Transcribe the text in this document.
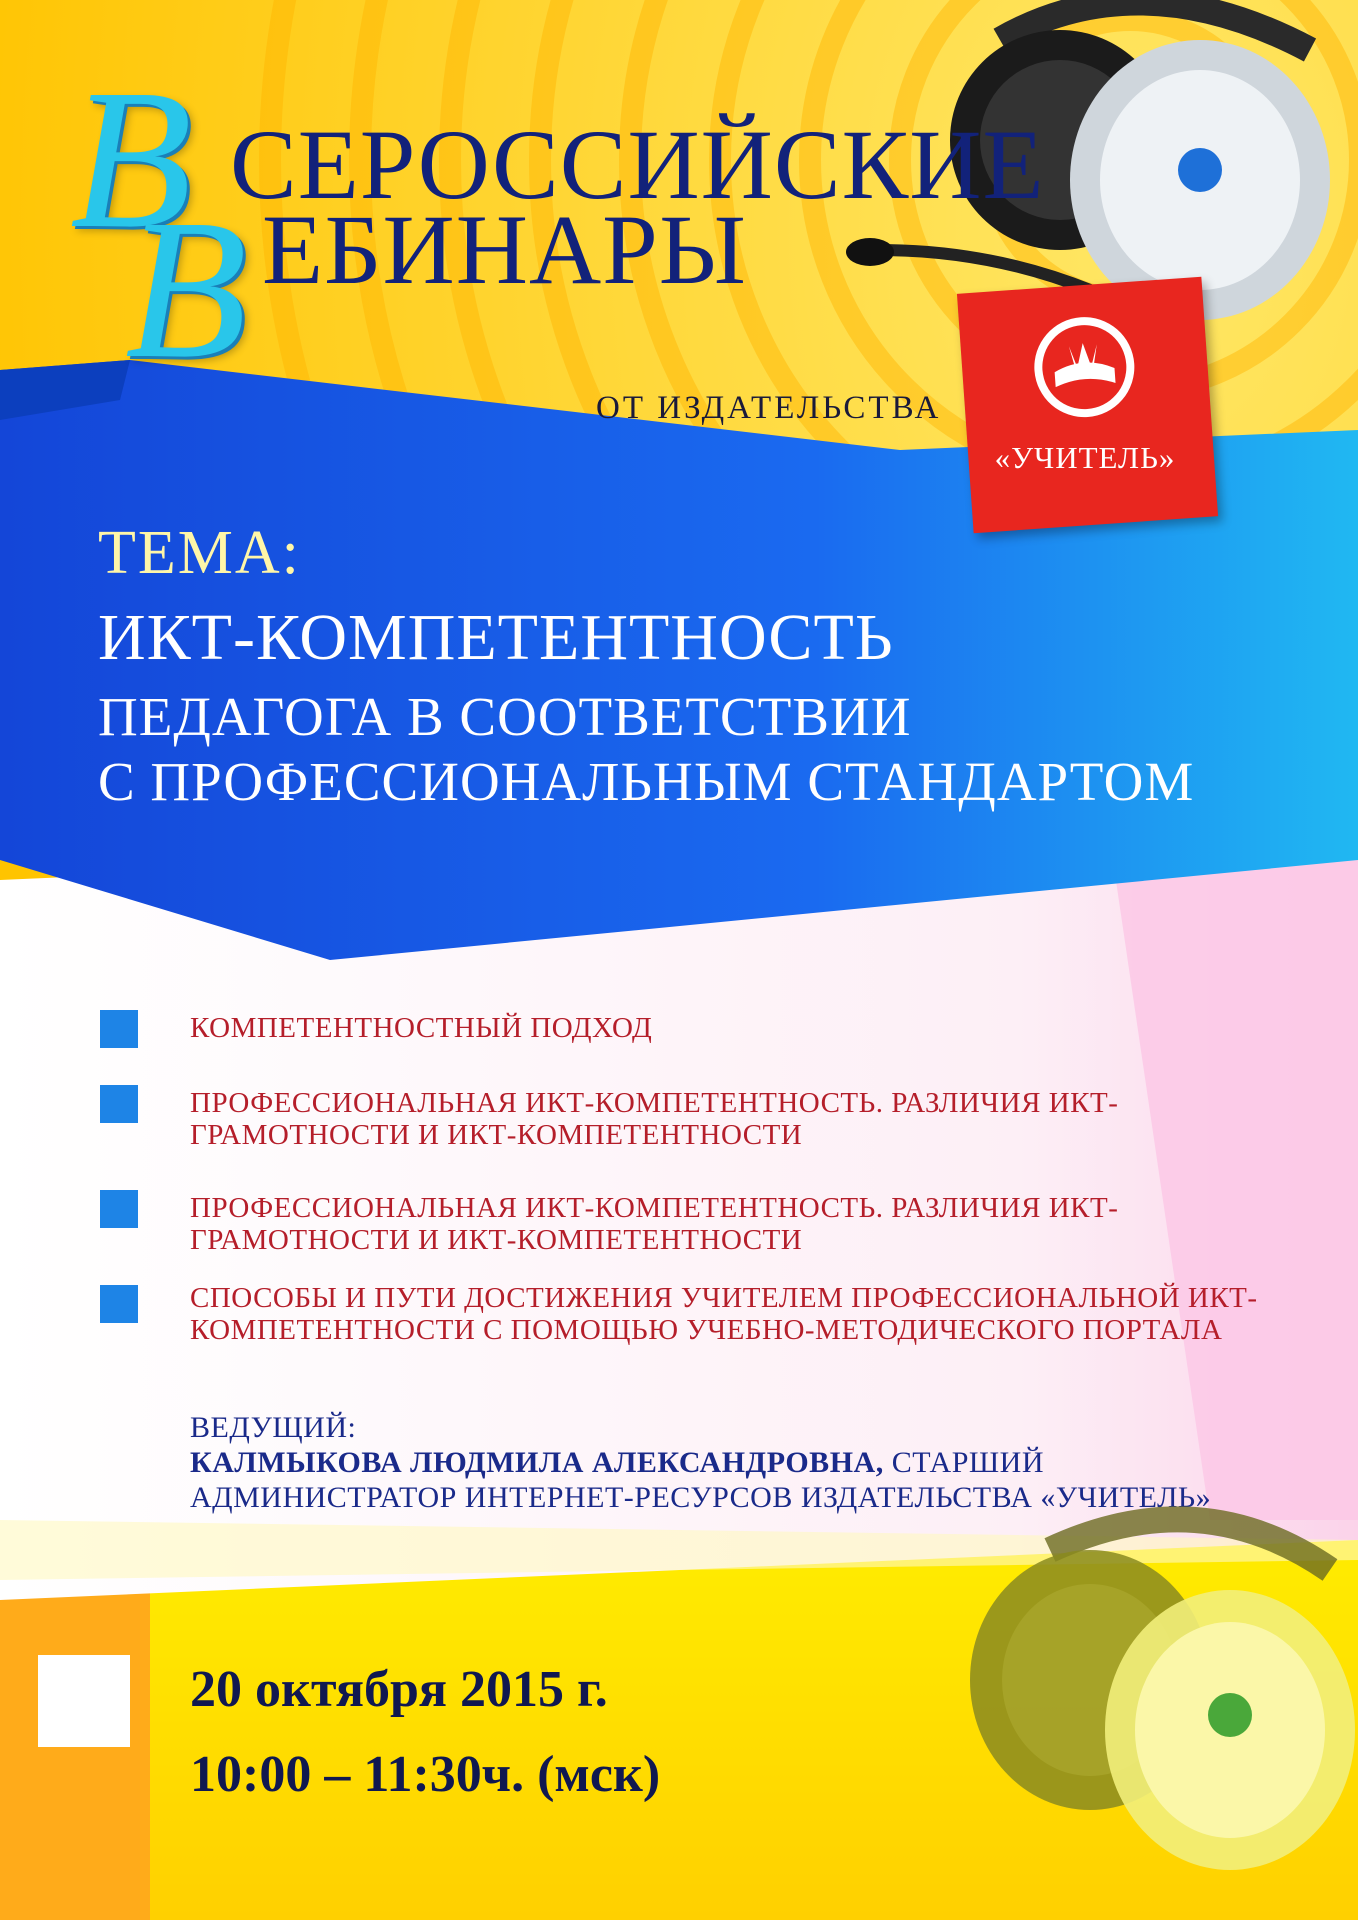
«УЧИТЕЛЬ»
В СЕРОССИЙСКИЕ
В ЕБИНАРЫ
ОТ ИЗДАТЕЛЬСТВА
ТЕМА:
ИКТ-КОМПЕТЕНТНОСТЬ
ПЕДАГОГА В СООТВЕТСТВИИ
С ПРОФЕССИОНАЛЬНЫМ СТАНДАРТОМ
КОМПЕТЕНТНОСТНЫЙ ПОДХОД
ПРОФЕССИОНАЛЬНАЯ ИКТ-КОМПЕТЕНТНОСТЬ. РАЗЛИЧИЯ ИКТ-ГРАМОТНОСТИ И ИКТ-КОМПЕТЕНТНОСТИ
ПРОФЕССИОНАЛЬНАЯ ИКТ-КОМПЕТЕНТНОСТЬ. РАЗЛИЧИЯ ИКТ-ГРАМОТНОСТИ И ИКТ-КОМПЕТЕНТНОСТИ
СПОСОБЫ И ПУТИ ДОСТИЖЕНИЯ УЧИТЕЛЕМ ПРОФЕССИОНАЛЬНОЙ ИКТ- КОМПЕТЕНТНОСТИ С ПОМОЩЬЮ УЧЕБНО-МЕТОДИЧЕСКОГО ПОРТАЛА
ВЕДУЩИЙ:
КАЛМЫКОВА ЛЮДМИЛА АЛЕКСАНДРОВНА, СТАРШИЙ АДМИНИСТРАТОР ИНТЕРНЕТ-РЕСУРСОВ ИЗДАТЕЛЬСТВА «УЧИТЕЛЬ»
20 октября 2015 г.
10:00 – 11:30ч. (мск)
